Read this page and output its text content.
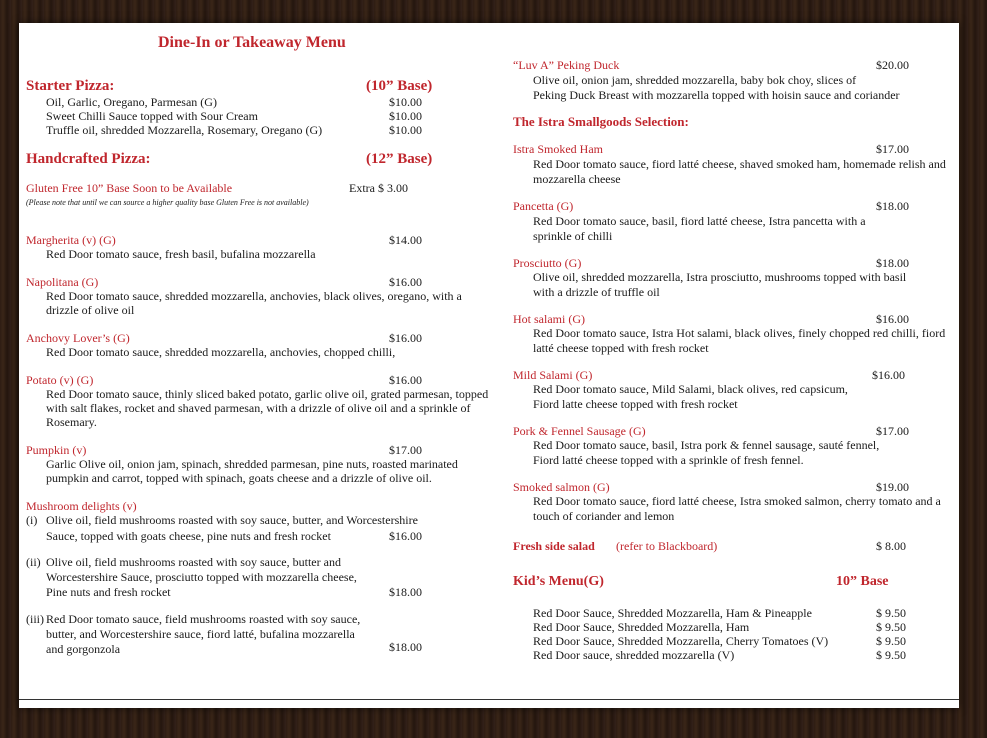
Dine-In or Takeaway Menu
Starter Pizza:	(10” Base)
Oil, Garlic, Oregano, Parmesan (G)	$10.00
Sweet Chilli Sauce topped with Sour Cream	$10.00
Truffle oil, shredded Mozzarella, Rosemary, Oregano (G)	$10.00
Handcrafted Pizza:	(12” Base)
Gluten Free 10” Base Soon to be Available	Extra $ 3.00
(Please note that until we can source a higher quality base Gluten Free is not available)
Margherita (v) (G)	$14.00
Red Door tomato sauce, fresh basil, bufalina mozzarella
Napolitana (G)	$16.00
Red Door tomato sauce, shredded mozzarella, anchovies, black olives, oregano, with a
drizzle of olive oil
Anchovy Lover’s (G)	$16.00
Red Door tomato sauce, shredded mozzarella, anchovies, chopped chilli,
Potato (v) (G)	$16.00
Red Door tomato sauce, thinly sliced baked potato, garlic olive oil, grated parmesan, topped
with salt flakes, rocket and shaved parmesan, with a drizzle of olive oil and a sprinkle of
Rosemary.
Pumpkin (v)	$17.00
Garlic Olive oil, onion jam, spinach, shredded parmesan, pine nuts, roasted marinated
pumpkin and carrot, topped with spinach, goats cheese and a drizzle of olive oil.
Mushroom delights (v)
(i) Olive oil, field mushrooms roasted with soy sauce, butter, and Worcestershire
Sauce, topped with goats cheese, pine nuts and fresh rocket	$16.00
(ii) Olive oil, field mushrooms roasted with soy sauce, butter and
Worcestershire Sauce, prosciutto topped with mozzarella cheese,
Pine nuts and fresh rocket	$18.00
(iii) Red Door tomato sauce, field mushrooms roasted with soy sauce,
butter, and Worcestershire sauce, fiord latté, bufalina mozzarella
and gorgonzola	$18.00
“Luv A” Peking Duck	$20.00
Olive oil, onion jam, shredded mozzarella, baby bok choy, slices of
Peking Duck Breast with mozzarella topped with hoisin sauce and coriander
The Istra Smallgoods Selection:
Istra Smoked Ham	$17.00
Red Door tomato sauce, fiord latté cheese, shaved smoked ham, homemade relish and
mozzarella cheese
Pancetta (G)	$18.00
Red Door tomato sauce, basil, fiord latté cheese, Istra pancetta with a
sprinkle of chilli
Prosciutto (G)	$18.00
Olive oil, shredded mozzarella, Istra prosciutto, mushrooms topped with basil
with a drizzle of truffle oil
Hot salami (G)	$16.00
Red Door tomato sauce, Istra Hot salami, black olives, finely chopped red chilli, fiord
latté cheese topped with fresh rocket
Mild Salami (G)	$16.00
Red Door tomato sauce, Mild Salami, black olives, red capsicum,
Fiord latte cheese topped with fresh rocket
Pork & Fennel Sausage (G)	$17.00
Red Door tomato sauce, basil, Istra pork & fennel sausage, sauté fennel,
Fiord latté cheese topped with a sprinkle of fresh fennel.
Smoked salmon (G)	$19.00
Red Door tomato sauce, fiord latté cheese, Istra smoked salmon, cherry tomato and a
touch of coriander and lemon
Fresh side salad (refer to Blackboard)	$ 8.00
Kid’s Menu(G)	10” Base
Red Door Sauce, Shredded Mozzarella, Ham & Pineapple	$ 9.50
Red Door Sauce, Shredded Mozzarella, Ham	$ 9.50
Red Door Sauce, Shredded Mozzarella, Cherry Tomatoes (V)	$ 9.50
Red Door sauce, shredded mozzarella (V)	$ 9.50
